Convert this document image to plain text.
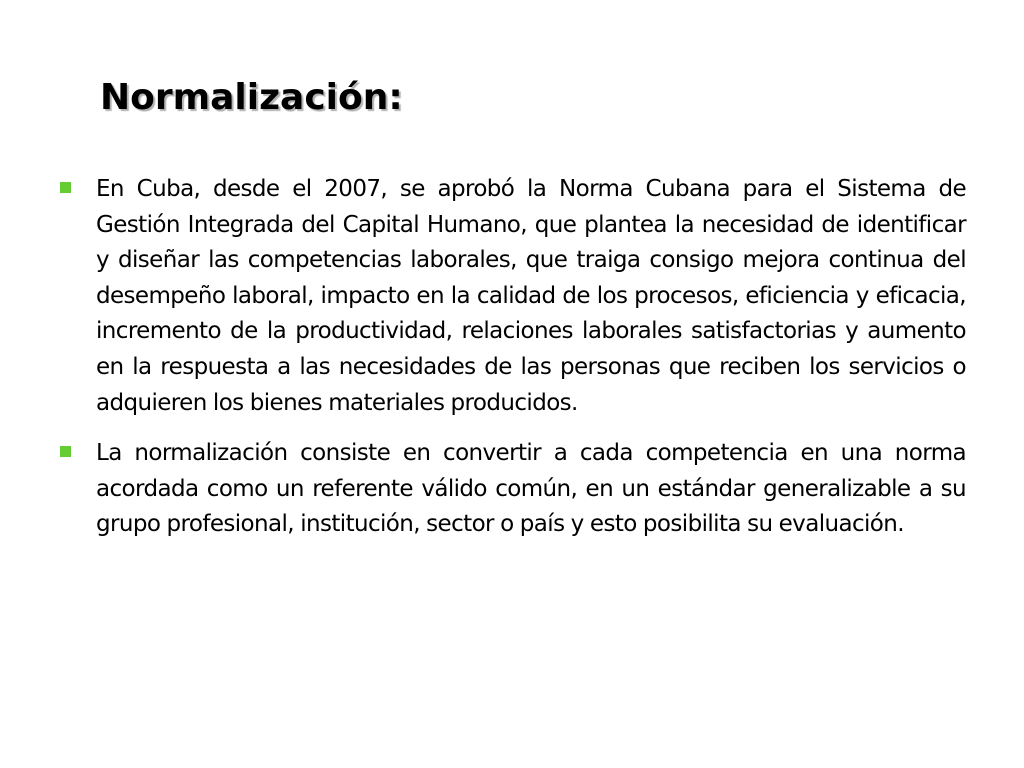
Normalización:
En Cuba, desde el 2007, se aprobó la Norma Cubana para el Sistema de Gestión Integrada del Capital Humano, que plantea la necesidad de identificar y diseñar las competencias laborales, que traiga consigo mejora continua del desempeño laboral, impacto en la calidad de los procesos, eficiencia y eficacia, incremento de la productividad, relaciones laborales satisfactorias y aumento en la respuesta a las necesidades de las personas que reciben los servicios o adquieren los bienes materiales producidos.
La normalización consiste en convertir a cada competencia en una norma acordada como un referente válido común, en un estándar generalizable a su grupo profesional, institución, sector o país y esto posibilita su evaluación.
